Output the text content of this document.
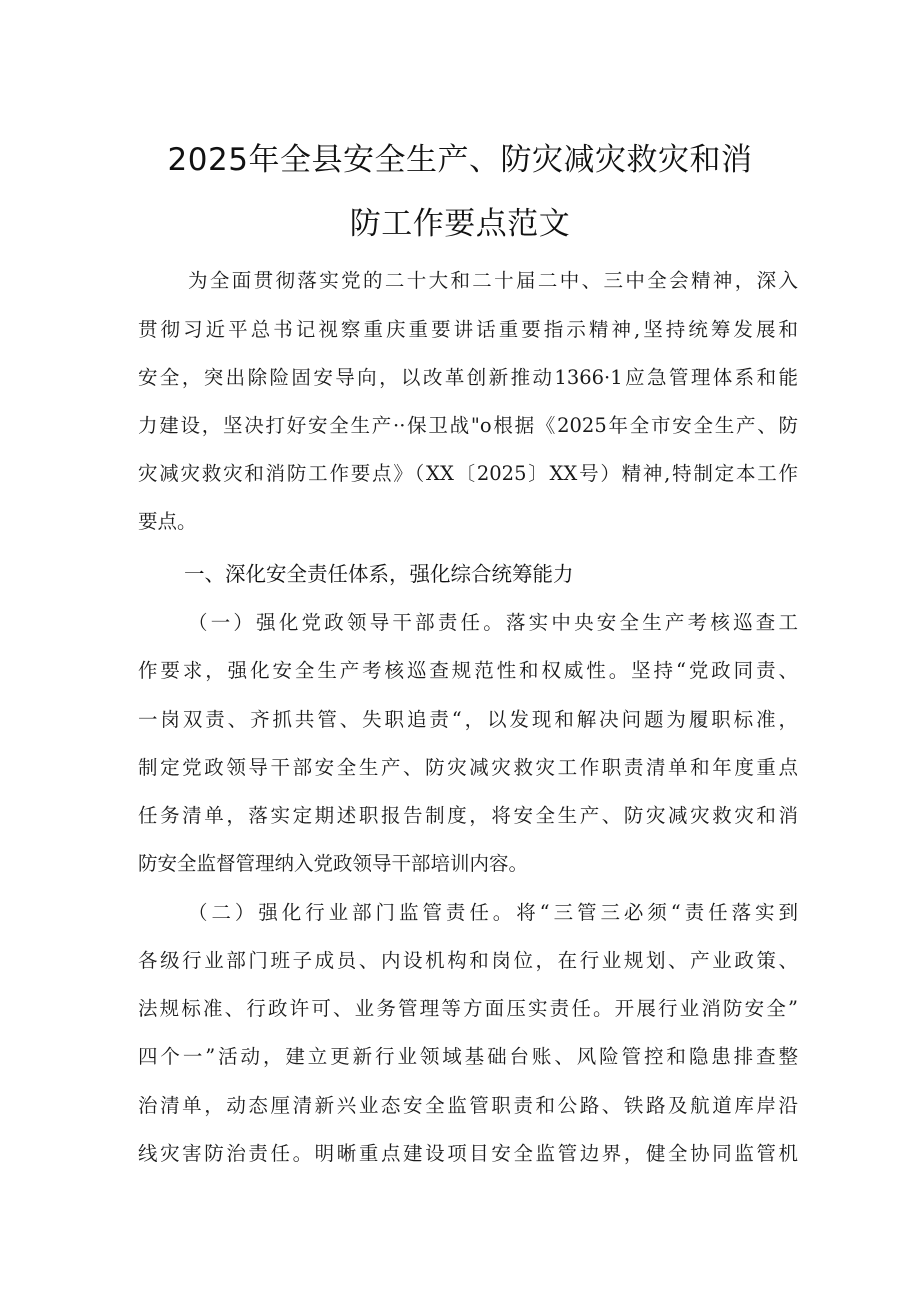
2025年全县安全生产、防灾减灾救灾和消
防工作要点范文
为全面贯彻落实党的二十大和二十届二中、三中全会精神，深入
贯彻习近平总书记视察重庆重要讲话重要指示精神,坚持统筹发展和
安全，突出除险固安导向，以改革创新推动1366·1应急管理体系和能
力建设，坚决打好安全生产··保卫战"o根据《2025年全市安全生产、防
灾减灾救灾和消防工作要点》（XX〔2025〕XX号）精神,特制定本工作
要点。
一、深化安全责任体系，强化综合统筹能力
（一）强化党政领导干部责任。落实中央安全生产考核巡查工
作要求，强化安全生产考核巡查规范性和权威性。坚持“党政同责、
一岗双责、齐抓共管、失职追责“，以发现和解决问题为履职标准，
制定党政领导干部安全生产、防灾减灾救灾工作职责清单和年度重点
任务清单，落实定期述职报告制度，将安全生产、防灾减灾救灾和消
防安全监督管理纳入党政领导干部培训内容。
（二）强化行业部门监管责任。将“三管三必须“责任落实到
各级行业部门班子成员、内设机构和岗位，在行业规划、产业政策、
法规标准、行政许可、业务管理等方面压实责任。开展行业消防安全”
四个一”活动，建立更新行业领域基础台账、风险管控和隐患排查整
治清单，动态厘清新兴业态安全监管职责和公路、铁路及航道库岸沿
线灾害防治责任。明晰重点建设项目安全监管边界，健全协同监管机
